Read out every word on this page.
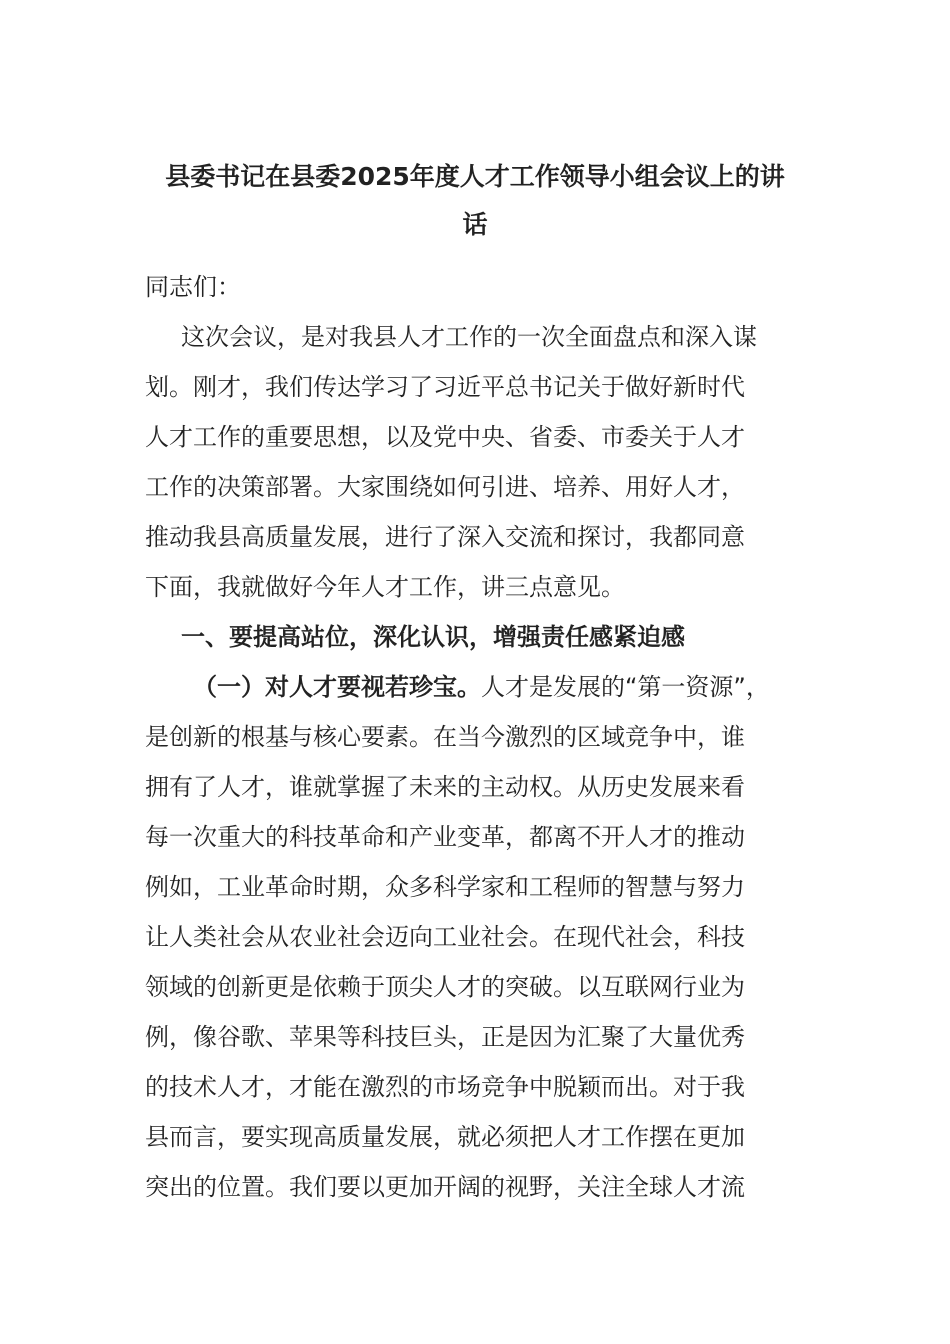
县委书记在县委2025年度人才工作领导小组会议上的讲
话
同志们：
这次会议，是对我县人才工作的一次全面盘点和深入谋
划。刚才，我们传达学习了习近平总书记关于做好新时代
人才工作的重要思想，以及党中央、省委、市委关于人才
工作的决策部署。大家围绕如何引进、培养、用好人才，
推动我县高质量发展，进行了深入交流和探讨，我都同意
下面，我就做好今年人才工作，讲三点意见。
一、要提高站位，深化认识，增强责任感紧迫感
（一）对人才要视若珍宝。人才是发展的“第一资源”，
是创新的根基与核心要素。在当今激烈的区域竞争中，谁
拥有了人才，谁就掌握了未来的主动权。从历史发展来看
每一次重大的科技革命和产业变革，都离不开人才的推动
例如，工业革命时期，众多科学家和工程师的智慧与努力
让人类社会从农业社会迈向工业社会。在现代社会，科技
领域的创新更是依赖于顶尖人才的突破。以互联网行业为
例，像谷歌、苹果等科技巨头，正是因为汇聚了大量优秀
的技术人才，才能在激烈的市场竞争中脱颖而出。对于我
县而言，要实现高质量发展，就必须把人才工作摆在更加
突出的位置。我们要以更加开阔的视野，关注全球人才流
